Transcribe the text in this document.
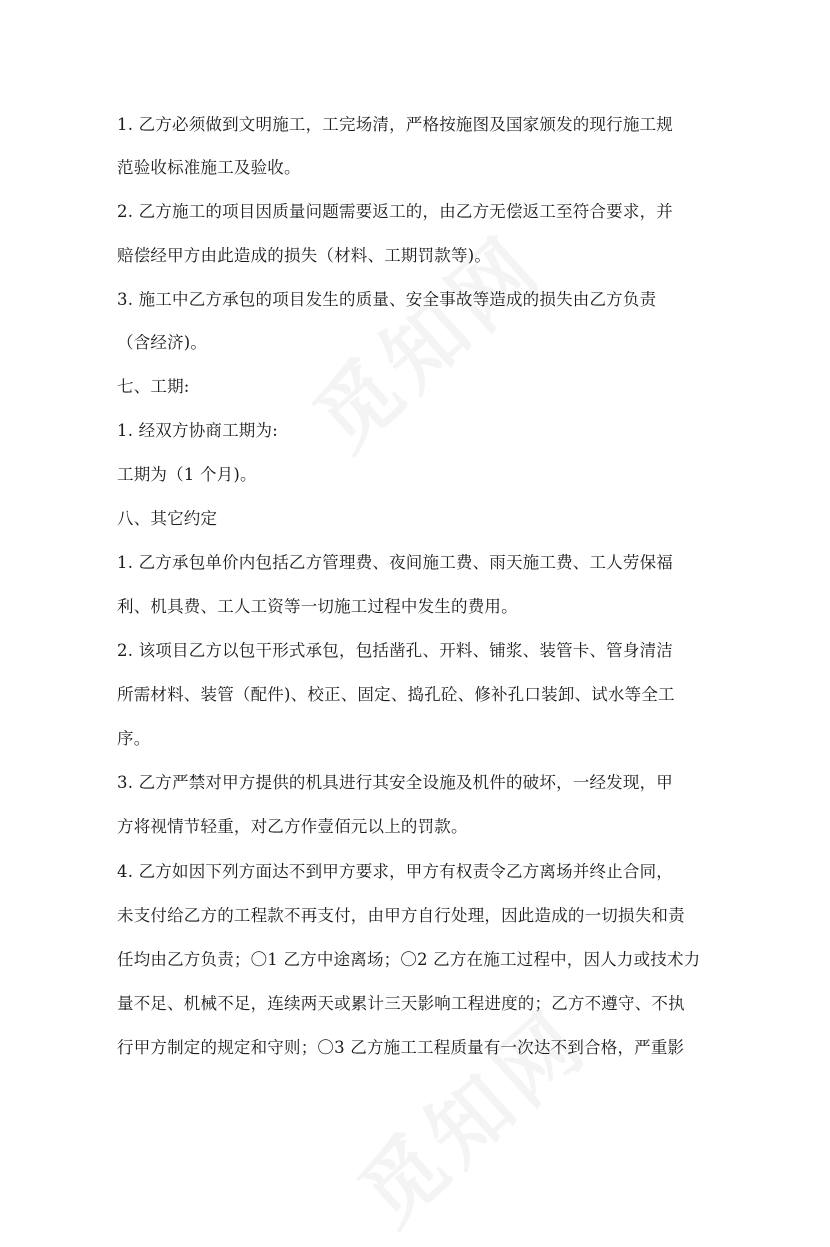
1. 乙方必须做到文明施工，工完场清，严格按施图及国家颁发的现行施工规
范验收标准施工及验收。
2. 乙方施工的项目因质量问题需要返工的，由乙方无偿返工至符合要求，并
赔偿经甲方由此造成的损失（材料、工期罚款等)。
3. 施工中乙方承包的项目发生的质量、安全事故等造成的损失由乙方负责
（含经济)。
七、工期:
1. 经双方协商工期为:
工期为（1 个月)。
八、其它约定
1. 乙方承包单价内包括乙方管理费、夜间施工费、雨天施工费、工人劳保福
利、机具费、工人工资等一切施工过程中发生的费用。
2. 该项目乙方以包干形式承包，包括凿孔、开料、铺浆、装管卡、管身清洁
所需材料、装管（配件)、校正、固定、捣孔砼、修补孔口装卸、试水等全工
序。
3. 乙方严禁对甲方提供的机具进行其安全设施及机件的破坏，一经发现，甲
方将视情节轻重，对乙方作壹佰元以上的罚款。
4. 乙方如因下列方面达不到甲方要求，甲方有权责令乙方离场并终止合同，
未支付给乙方的工程款不再支付，由甲方自行处理，因此造成的一切损失和责
任均由乙方负责；〇1 乙方中途离场；〇2 乙方在施工过程中，因人力或技术力
量不足、机械不足，连续两天或累计三天影响工程进度的；乙方不遵守、不执
行甲方制定的规定和守则；〇3 乙方施工工程质量有一次达不到合格，严重影
